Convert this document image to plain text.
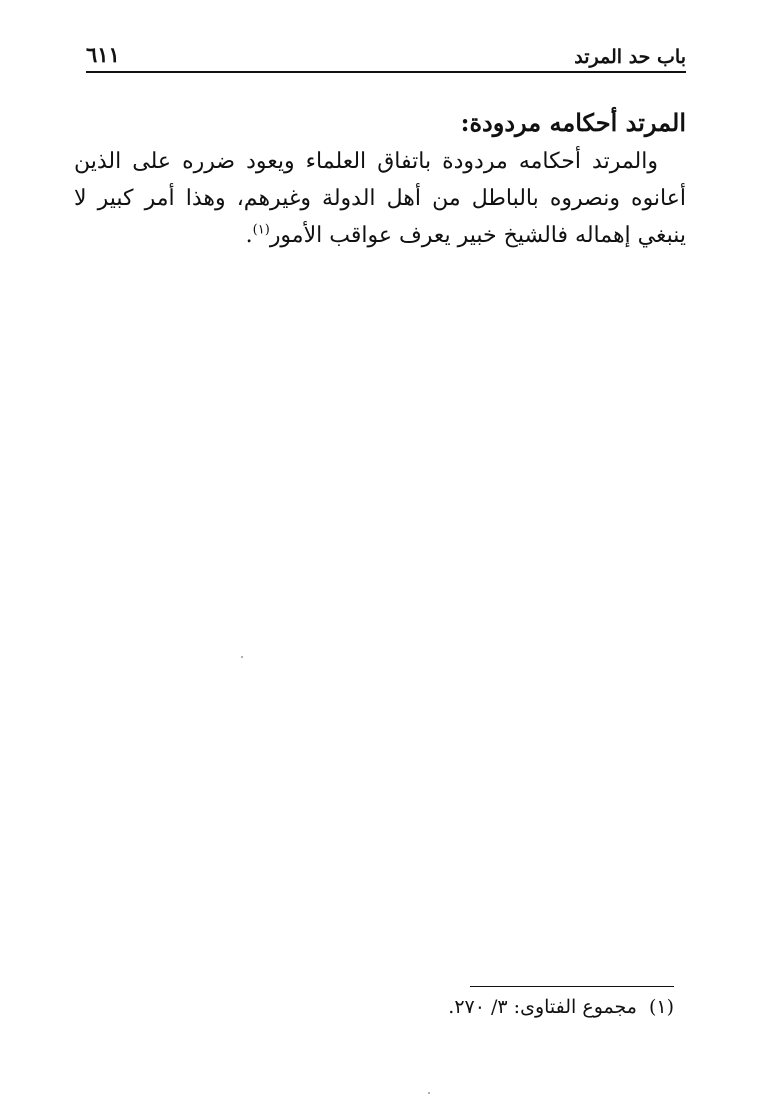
باب حد المرتد
٦١١
المرتد أحكامه مردودة:

والمرتد أحكامه مردودة باتفاق العلماء ويعود ضرره على الذين أعانوه ونصروه بالباطل من أهل الدولة وغيرهم، وهذا أمر كبير لا ينبغي إهماله فالشيخ خبير يعرف عواقب الأمور$^{(١)}$.

(١)مجموع الفتاوى: ٣/ ٢٧٠.
